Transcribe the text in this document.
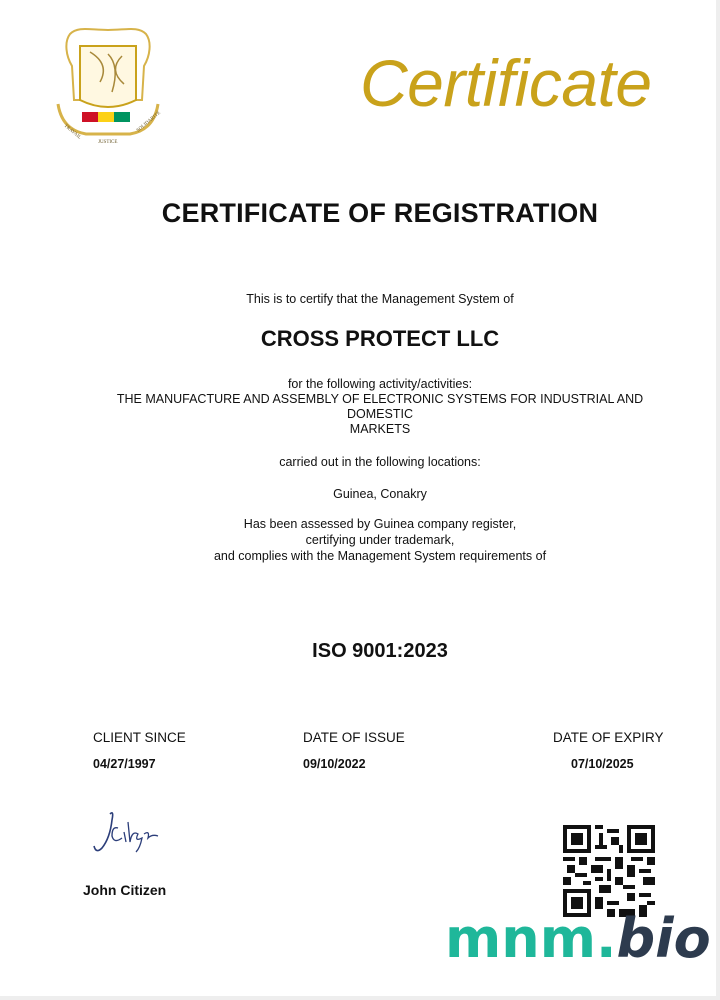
TRAVAIL
JUSTICE
SOLIDARITÉ
Certificate
CERTIFICATE OF REGISTRATION
This is to certify that the Management System of
CROSS PROTECT LLC
for the following activity/activities:
THE MANUFACTURE AND ASSEMBLY OF ELECTRONIC SYSTEMS FOR INDUSTRIAL AND
DOMESTIC
MARKETS
carried out in the following locations:
Guinea, Conakry
Has been assessed by Guinea company register,
certifying under trademark,
and complies with the Management System requirements of
ISO 9001:2023
CLIENT SINCE
04/27/1997
DATE OF ISSUE
09/10/2022
DATE OF EXPIRY
07/10/2025
John Citizen
mnm.bio
